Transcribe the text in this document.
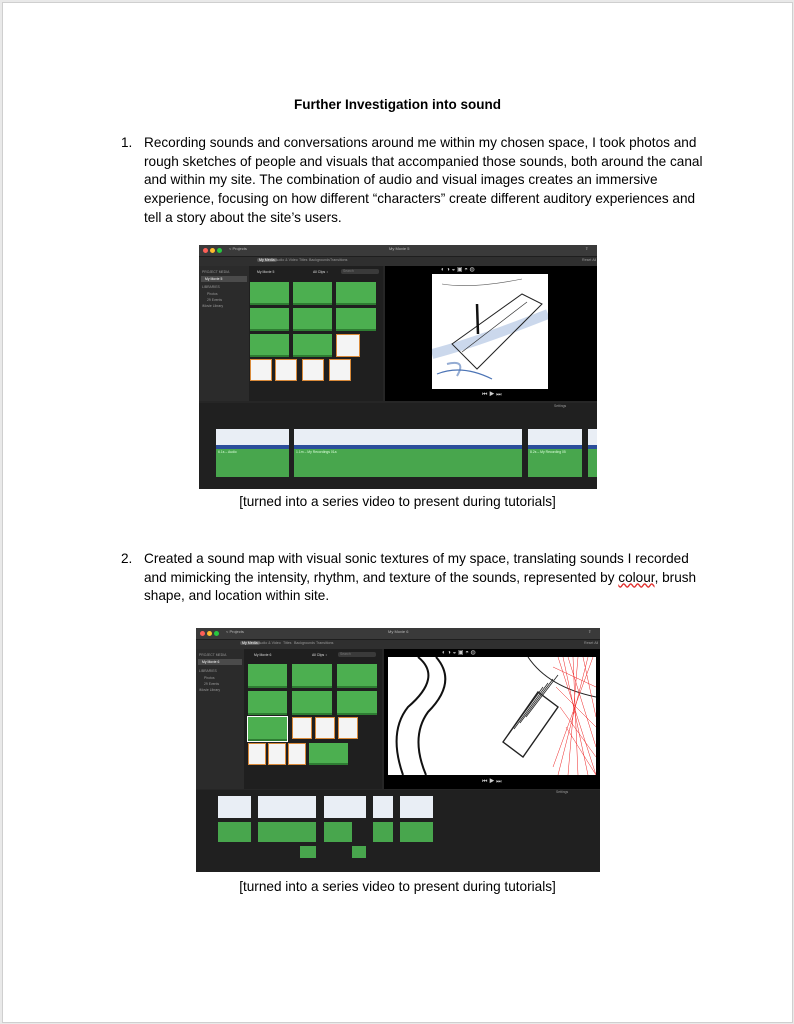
Further Investigation into sound
1. Recording sounds and conversations around me within my chosen space, I took photos and rough sketches of people and visuals that accompanied those sounds, both around the canal and within my site. The combination of audio and visual images creates an immersive experience, focusing on how different “characters” create different auditory experiences and tell a story about the site’s users.
< Projects	My Movie 5	⇪
My Media Audio & Video Titles Backgrounds Transitions	Reset All
PROJECT MEDIA
My Movie 5
LIBRARIES
Photos
29 Events
iMovie Library
My Movie 5	All Clips ↕	Search	◐ ◑ ◒ ▣ ◓ ◍
⏮ ▶ ⏭
Settings
6.1s – Audio	1.1m – My Recordings 01a	8.2s – My Recording 05
[turned into a series video to present during tutorials]
2. Created a sound map with visual sonic textures of my space, translating sounds I recorded and mimicking the intensity, rhythm, and texture of the sounds, represented by colour, brush shape, and location within site.
< Projects	My Movie 6	⇪
My Media Audio & Video Titles Backgrounds Transitions	Reset All
PROJECT MEDIA
My Movie 6
LIBRARIES
Photos
29 Events
iMovie Library
My Movie 6	All Clips ↕	Search	◐ ◑ ◒ ▣ ◓ ◍
⏮ ▶ ⏭
Settings
[turned into a series video to present during tutorials]
